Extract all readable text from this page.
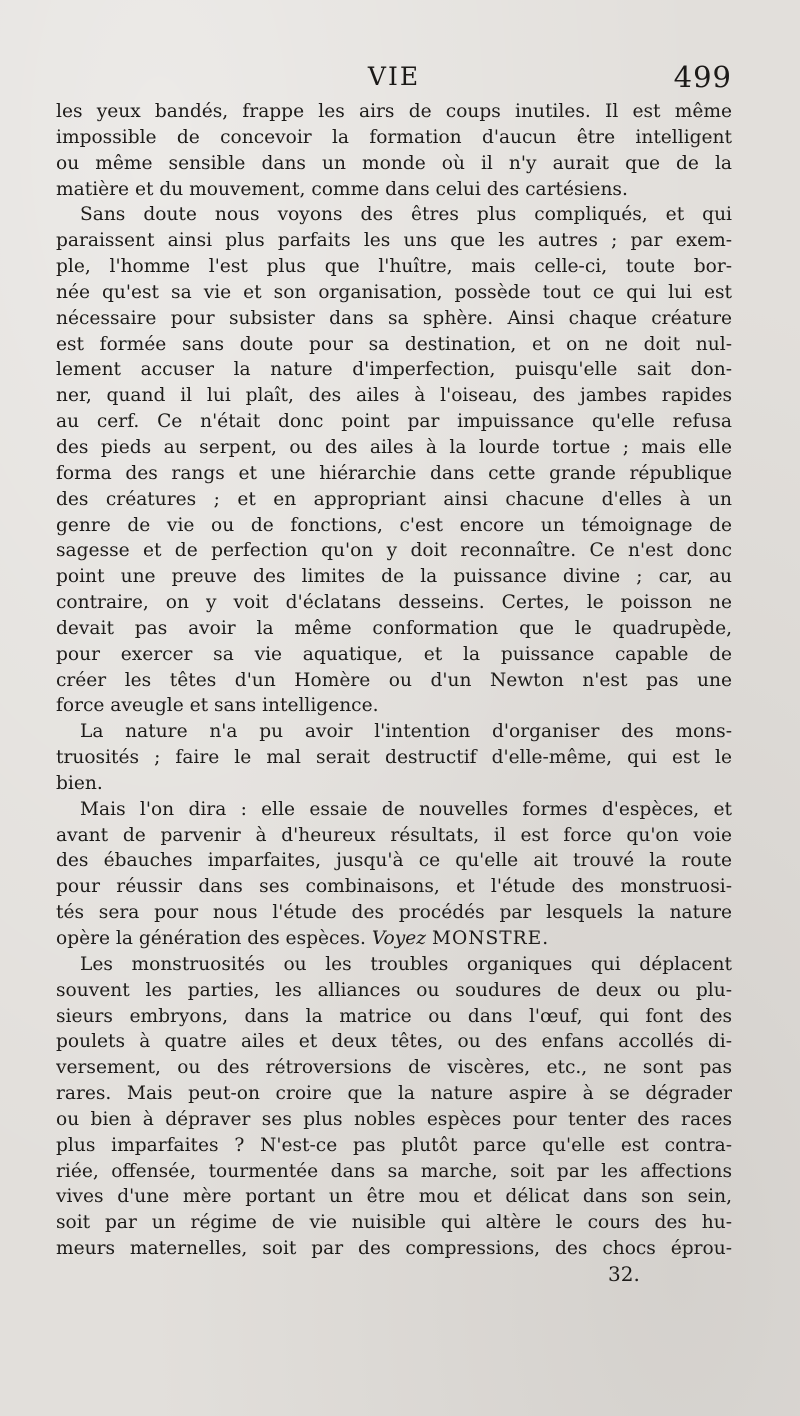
VIE	499
les yeux bandés, frappe les airs de coups inutiles. Il est même
impossible de concevoir la formation d'aucun être intelligent
ou même sensible dans un monde où il n'y aurait que de la
matière et du mouvement, comme dans celui des cartésiens.
Sans doute nous voyons des êtres plus compliqués, et qui
paraissent ainsi plus parfaits les uns que les autres ; par exem-
ple, l'homme l'est plus que l'huître, mais celle-ci, toute bor-
née qu'est sa vie et son organisation, possède tout ce qui lui est
nécessaire pour subsister dans sa sphère. Ainsi chaque créature
est formée sans doute pour sa destination, et on ne doit nul-
lement accuser la nature d'imperfection, puisqu'elle sait don-
ner, quand il lui plaît, des ailes à l'oiseau, des jambes rapides
au cerf. Ce n'était donc point par impuissance qu'elle refusa
des pieds au serpent, ou des ailes à la lourde tortue ; mais elle
forma des rangs et une hiérarchie dans cette grande république
des créatures ; et en appropriant ainsi chacune d'elles à un
genre de vie ou de fonctions, c'est encore un témoignage de
sagesse et de perfection qu'on y doit reconnaître. Ce n'est donc
point une preuve des limites de la puissance divine ; car, au
contraire, on y voit d'éclatans desseins. Certes, le poisson ne
devait pas avoir la même conformation que le quadrupède,
pour exercer sa vie aquatique, et la puissance capable de
créer les têtes d'un Homère ou d'un Newton n'est pas une
force aveugle et sans intelligence.
La nature n'a pu avoir l'intention d'organiser des mons-
truosités ; faire le mal serait destructif d'elle-même, qui est le
bien.
Mais l'on dira : elle essaie de nouvelles formes d'espèces, et
avant de parvenir à d'heureux résultats, il est force qu'on voie
des ébauches imparfaites, jusqu'à ce qu'elle ait trouvé la route
pour réussir dans ses combinaisons, et l'étude des monstruosi-
tés sera pour nous l'étude des procédés par lesquels la nature
opère la génération des espèces. Voyez MONSTRE.
Les monstruosités ou les troubles organiques qui déplacent
souvent les parties, les alliances ou soudures de deux ou plu-
sieurs embryons, dans la matrice ou dans l'œuf, qui font des
poulets à quatre ailes et deux têtes, ou des enfans accollés di-
versement, ou des rétroversions de viscères, etc., ne sont pas
rares. Mais peut-on croire que la nature aspire à se dégrader
ou bien à dépraver ses plus nobles espèces pour tenter des races
plus imparfaites ? N'est-ce pas plutôt parce qu'elle est contra-
riée, offensée, tourmentée dans sa marche, soit par les affections
vives d'une mère portant un être mou et délicat dans son sein,
soit par un régime de vie nuisible qui altère le cours des hu-
meurs maternelles, soit par des compressions, des chocs éprou-
32.
